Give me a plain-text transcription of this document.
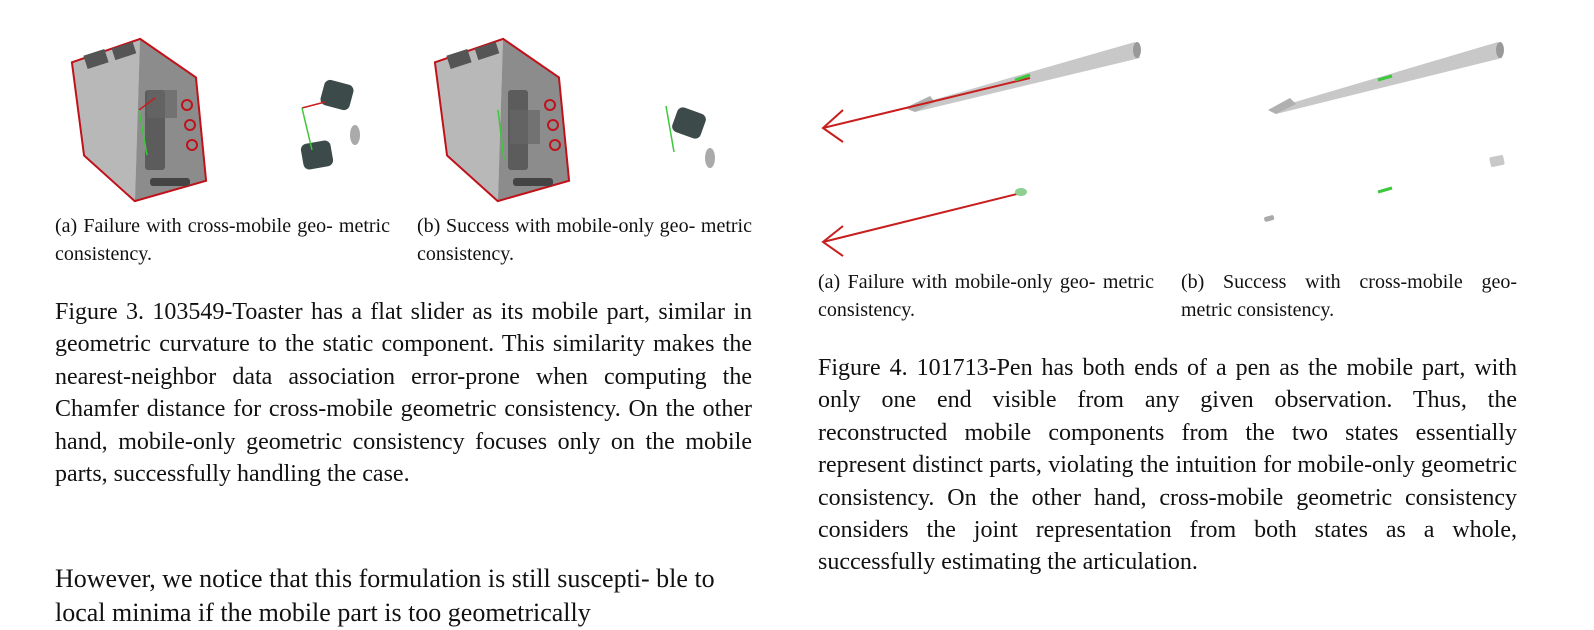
(a) Failure with cross-mobile geo- metric consistency.
(b) Success with mobile-only geo- metric consistency.
Figure 3. 103549-Toaster has a flat slider as its mobile part, similar in geometric curvature to the static component. This similarity makes the nearest-neighbor data association error-prone when computing the Chamfer distance for cross-mobile geometric consistency. On the other hand, mobile-only geometric consistency focuses only on the mobile parts, successfully handling the case.
However, we notice that this formulation is still suscepti- ble to local minima if the mobile part is too geometrically
(a) Failure with mobile-only geo- metric consistency.
(b) Success with cross-mobile geo- metric consistency.
Figure 4. 101713-Pen has both ends of a pen as the mobile part, with only one end visible from any given observation. Thus, the reconstructed mobile components from the two states essentially represent distinct parts, violating the intuition for mobile-only geometric consistency. On the other hand, cross-mobile geometric consistency considers the joint representation from both states as a whole, successfully estimating the articulation.
